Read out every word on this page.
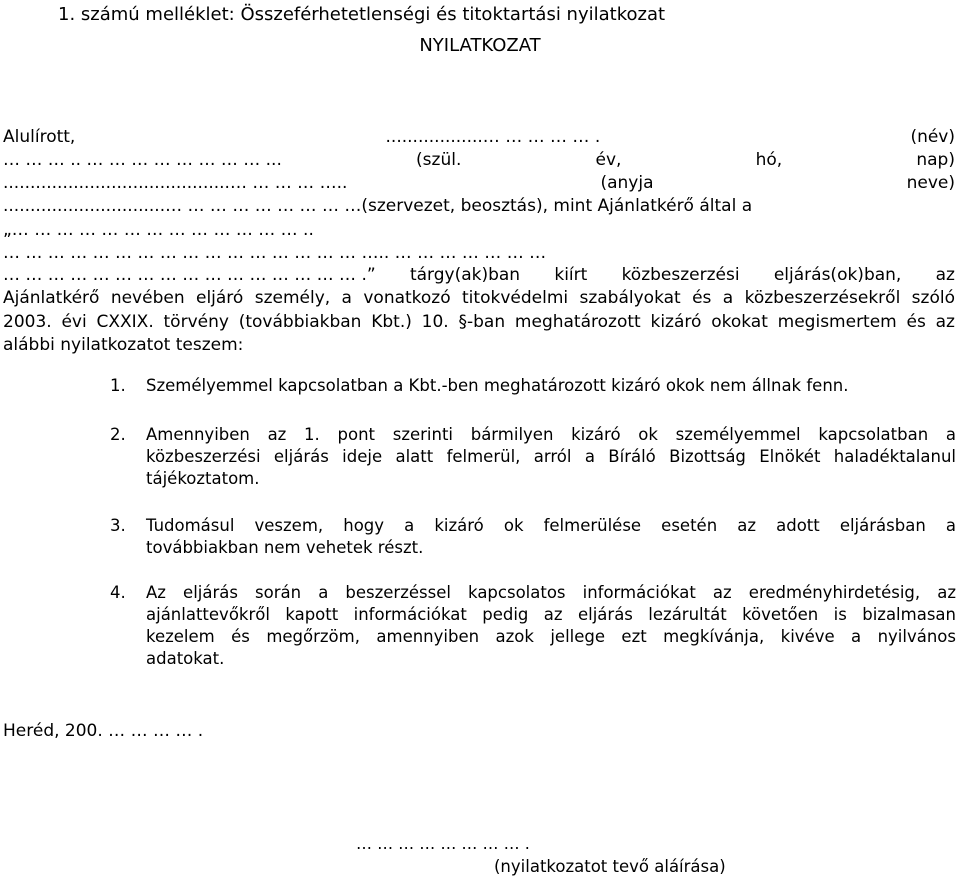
1. számú melléklet: Összeférhetetlenségi és titoktartási nyilatkozat
NYILATKOZAT
Alulírott,	..................… … … … … .	(név)
… … … .. … … … … … … … … ...	(szül.	év,	hó,	nap)
..........................................… … … … …..	(anyja	neve)
..............................… … … … … … … … …(szervezet, beosztás), mint Ajánlatkérő által a
„… … … … … … … … … … … … … ..
… … … … … … … … … … … … … … … … ….. … … … … … … …
… … … … … … … … … … … … … … … … .” tárgy(ak)ban kiírt közbeszerzési eljárás(ok)ban, az
Ajánlatkérő nevében eljáró személy, a vonatkozó titokvédelmi szabályokat és a közbeszerzésekről szóló
2003. évi CXXIX. törvény (továbbiakban Kbt.) 10. §-ban meghatározott kizáró okokat megismertem és az
alábbi nyilatkozatot teszem:
1. Személyemmel kapcsolatban a Kbt.-ben meghatározott kizáró okok nem állnak fenn.
2. Amennyiben az 1. pont szerinti bármilyen kizáró ok személyemmel kapcsolatban a
közbeszerzési eljárás ideje alatt felmerül, arról a Bíráló Bizottság Elnökét haladéktalanul
tájékoztatom.
3. Tudomásul veszem, hogy a kizáró ok felmerülése esetén az adott eljárásban a
továbbiakban nem vehetek részt.
4. Az eljárás során a beszerzéssel kapcsolatos információkat az eredményhirdetésig, az
ajánlattevőkről kapott információkat pedig az eljárás lezárultát követően is bizalmasan
kezelem és megőrzöm, amennyiben azok jellege ezt megkívánja, kivéve a nyilvános
adatokat.
Heréd, 200. … … … … .
… … … … … … … … .
(nyilatkozatot tevő aláírása)
